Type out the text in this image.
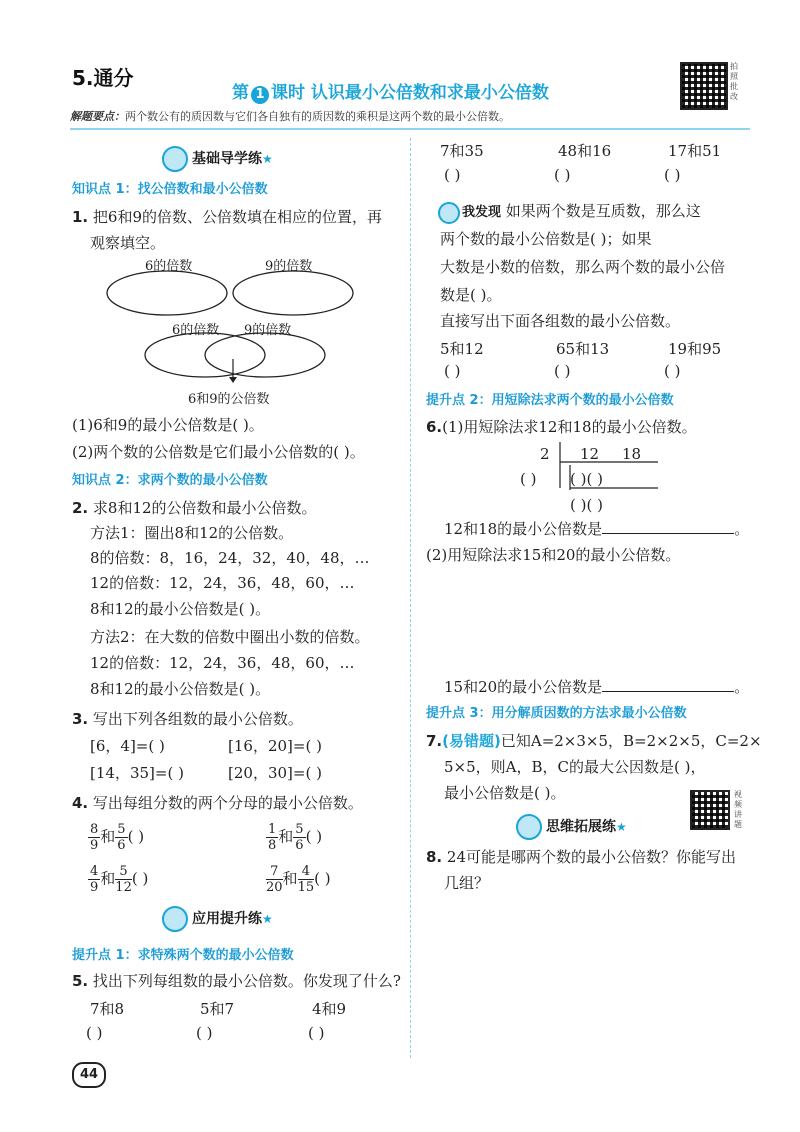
5.通分
第 1 课时 认识最小公倍数和求最小公倍数
拍照批改
解题要点：两个数公有的质因数与它们各自独有的质因数的乘积是这两个数的最小公倍数。
基础导学练★
知识点 1：找公倍数和最小公倍数
1. 把6和9的倍数、公倍数填在相应的位置，再
观察填空。
6的倍数	9的倍数
6的倍数 9的倍数
6和9的公倍数
(1)6和9的最小公倍数是( )。
(2)两个数的公倍数是它们最小公倍数的( )。
知识点 2：求两个数的最小公倍数
2. 求8和12的公倍数和最小公倍数。
方法1：圈出8和12的公倍数。
8的倍数：8，16，24，32，40，48，…
12的倍数：12，24，36，48，60，…
8和12的最小公倍数是( )。
方法2：在大数的倍数中圈出小数的倍数。
12的倍数：12，24，36，48，60，…
8和12的最小公倍数是( )。
3. 写出下列各组数的最小公倍数。
[6，4]=( )	[16，20]=( )
[14，35]=( )	[20，30]=( )
4. 写出每组分数的两个分母的最小公倍数。
$\frac{8}{9}$ 和 $\frac{5}{6}$ ( )	$\frac{1}{8}$ 和 $\frac{5}{6}$ ( )
$\frac{4}{9}$ 和 $\frac{5}{12}$ ( )	$\frac{7}{20}$ 和 $\frac{4}{15}$ ( )
应用提升练★
提升点 1：求特殊两个数的最小公倍数
5. 找出下列每组数的最小公倍数。你发现了什么?
7和8	5和7	4和9
( )	( )	( )
44
7和35	48和16	17和51
( )	( )	( )
我发现 如果两个数是互质数，那么这
两个数的最小公倍数是( )；如果
大数是小数的倍数，那么两个数的最小公倍
数是( )。
直接写出下面各组数的最小公倍数。
5和12	65和13	19和95
( )	( )	( )
提升点 2：用短除法求两个数的最小公倍数
6.(1)用短除法求12和18的最小公倍数。
2 12 18
( ) ( )( )
( )( )
12和18的最小公倍数是	。
(2)用短除法求15和20的最小公倍数。
15和20的最小公倍数是	。
提升点 3：用分解质因数的方法求最小公倍数
7.(易错题)已知A=2×3×5，B=2×2×5，C=2×
5×5，则A，B，C的最大公因数是( )，
最小公倍数是( )。	视频讲题
思维拓展练★
8. 24可能是哪两个数的最小公倍数？你能写出
几组？
